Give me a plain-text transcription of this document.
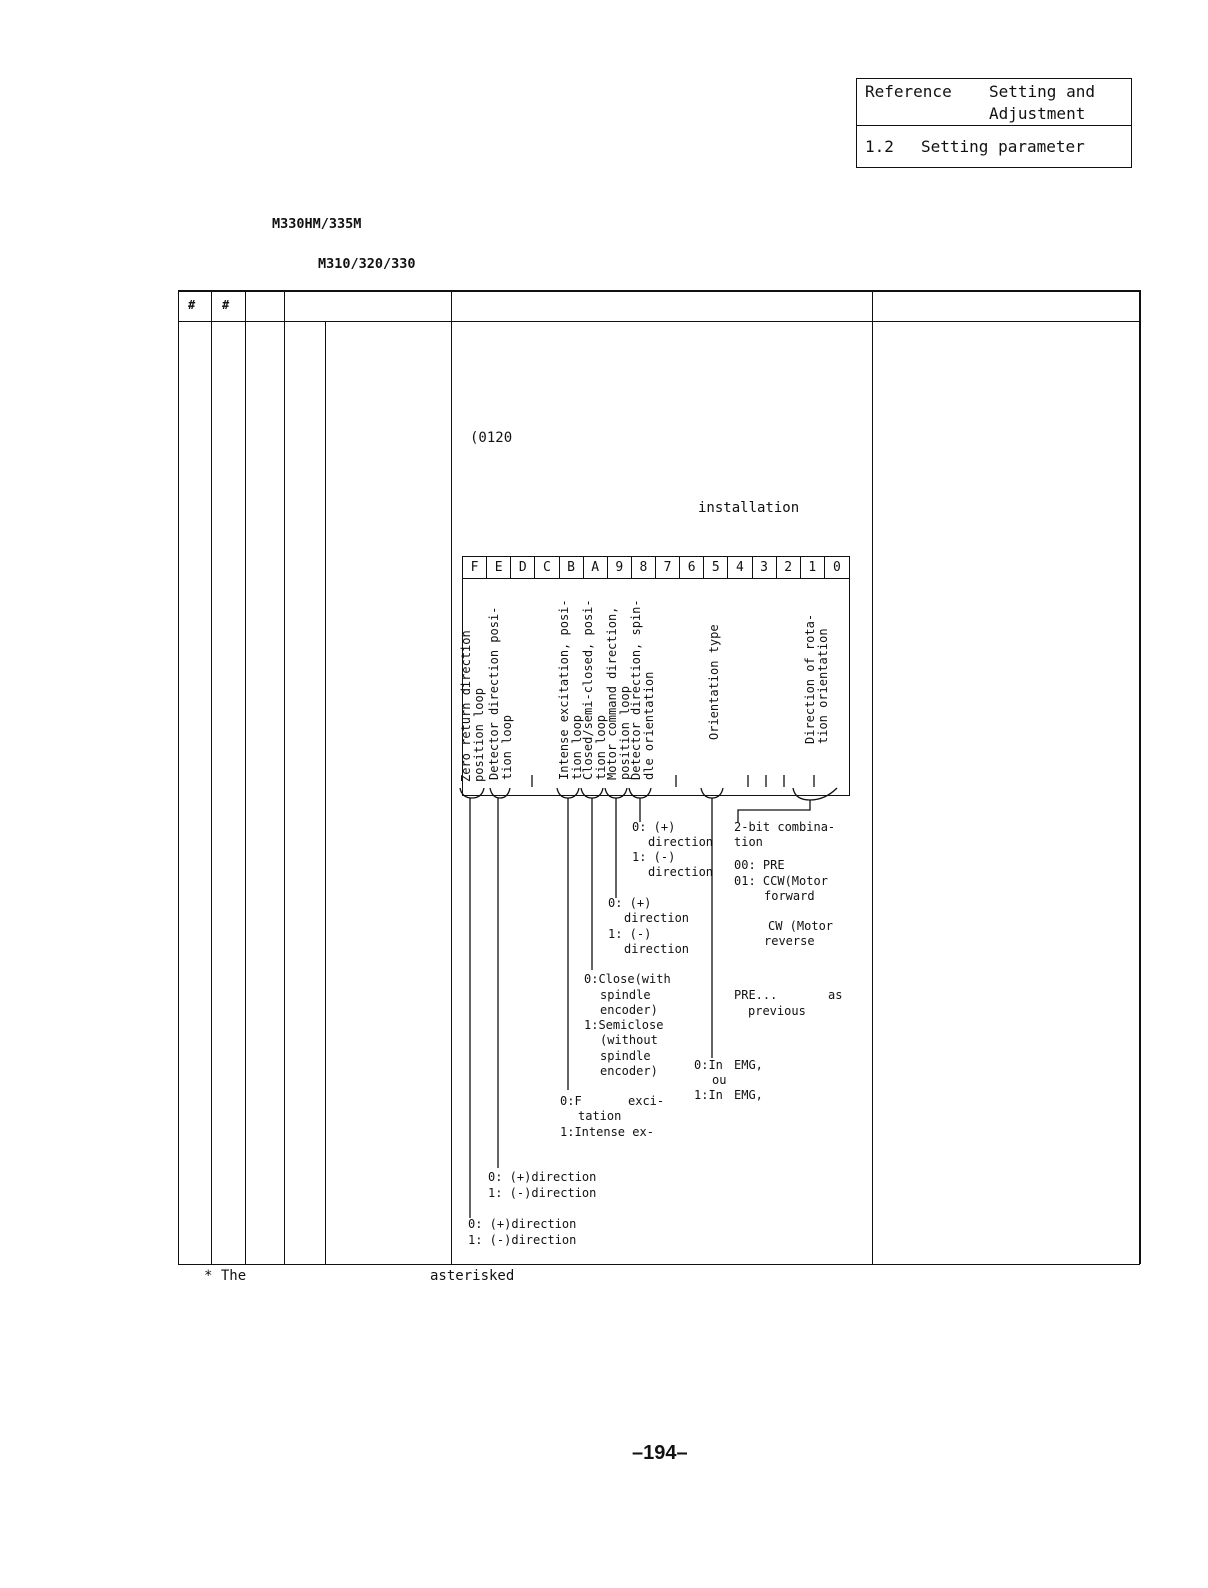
Reference Setting and
Adjustment
1.2 Setting parameter
M330HM/335M
M310/320/330
# #
(0120
installation
F	E	D	C	B	A	9	8	7	6	5	4	3	2	1	0
Zero return direction
position loop
Detector direction posi-
tion loop	Intense excitation, posi-
tion loop
Closed/semi-closed, posi-
tion loop
Motor command direction,
position loop
Detector direction, spin-
dle orientation	Orientation type	Direction of rota-
tion orientation
0: (+)
direction
1: (-)
direction
0: (+)
direction
1: (-)
direction
0:Close(with
spindle
encoder)
1:Semiclose
(without
spindle
encoder)
0:F	exci-
tation
1:Intense ex-
0: (+)direction
1: (-)direction
0: (+)direction
1: (-)direction
0:In EMG,
ou
1:In EMG,
2-bit combina-
tion
00: PRE
01: CCW(Motor
forward
CW (Motor
reverse
PRE...	as
previous
* The	asterisked
–194–
